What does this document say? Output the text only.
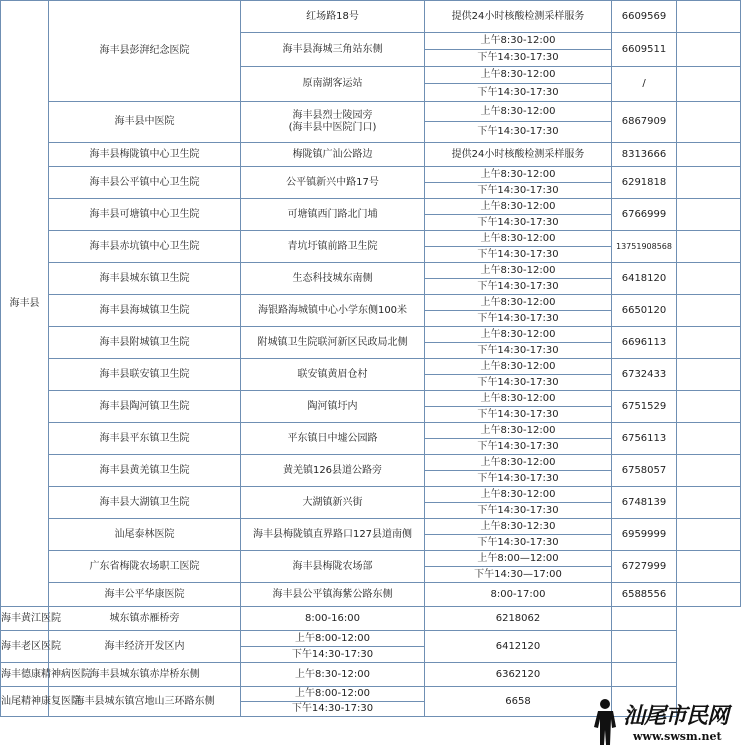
海丰县	海丰县彭湃纪念医院	红场路18号	提供24小时核酸检测采样服务	6609569	
		海丰县海城三角站东侧	上午8:30-12:00	6609511	
			下午14:30-17:30		
		原南湖客运站	上午8:30-12:00	/	
			下午14:30-17:30		
	海丰县中医院	海丰县烈士陵园旁
(海丰县中医院门口)	上午8:30-12:00	6867909	
			下午14:30-17:30		
	海丰县梅陇镇中心卫生院	梅陇镇广汕公路边	提供24小时核酸检测采样服务	8313666	
	海丰县公平镇中心卫生院	公平镇新兴中路17号	上午8:30-12:00	6291818	
			下午14:30-17:30		
	海丰县可塘镇中心卫生院	可塘镇西门路北门埔	上午8:30-12:00	6766999	
			下午14:30-17:30		
	海丰县赤坑镇中心卫生院	青坑圩镇前路卫生院	上午8:30-12:00	13751908568	
			下午14:30-17:30		
	海丰县城东镇卫生院	生态科技城东南侧	上午8:30-12:00	6418120	
			下午14:30-17:30		
	海丰县海城镇卫生院	海银路海城镇中心小学东侧100米	上午8:30-12:00	6650120	
			下午14:30-17:30		
	海丰县附城镇卫生院	附城镇卫生院联河新区民政局北侧	上午8:30-12:00	6696113	
			下午14:30-17:30		
	海丰县联安镇卫生院	联安镇黄眉仓村	上午8:30-12:00	6732433	
			下午14:30-17:30		
	海丰县陶河镇卫生院	陶河镇圩内	上午8:30-12:00	6751529	
			下午14:30-17:30		
	海丰县平东镇卫生院	平东镇日中墟公园路	上午8:30-12:00	6756113	
			下午14:30-17:30		
	海丰县黄羌镇卫生院	黄羌镇126县道公路旁	上午8:30-12:00	6758057	
			下午14:30-17:30		
	海丰县大湖镇卫生院	大湖镇新兴街	上午8:30-12:00	6748139	
			下午14:30-17:30		
	汕尾泰林医院	海丰县梅陇镇直界路口127县道南侧	上午8:30-12:30	6959999	
			下午14:30-17:30		
	广东省梅陇农场职工医院	海丰县梅陇农场部	上午8:00—12:00	6727999	
			下午14:30—17:00		
	海丰公平华康医院	海丰县公平镇海紫公路东侧	8:00-17:00	6588556	
海丰黄江医院	城东镇赤雁桥旁	8:00-16:00	6218062		
海丰老区医院	海丰经济开发区内	上午8:00-12:00	6412120		
		下午14:30-17:30			
海丰德康精神病医院	海丰县城东镇赤岸桥东侧	上午8:30-12:00	6362120		
汕尾精神康复医院	海丰县城东镇宫地山三环路东侧	上午8:00-12:00	6658		
		下午14:30-17:30				汕尾市民网
www.swsm.net
